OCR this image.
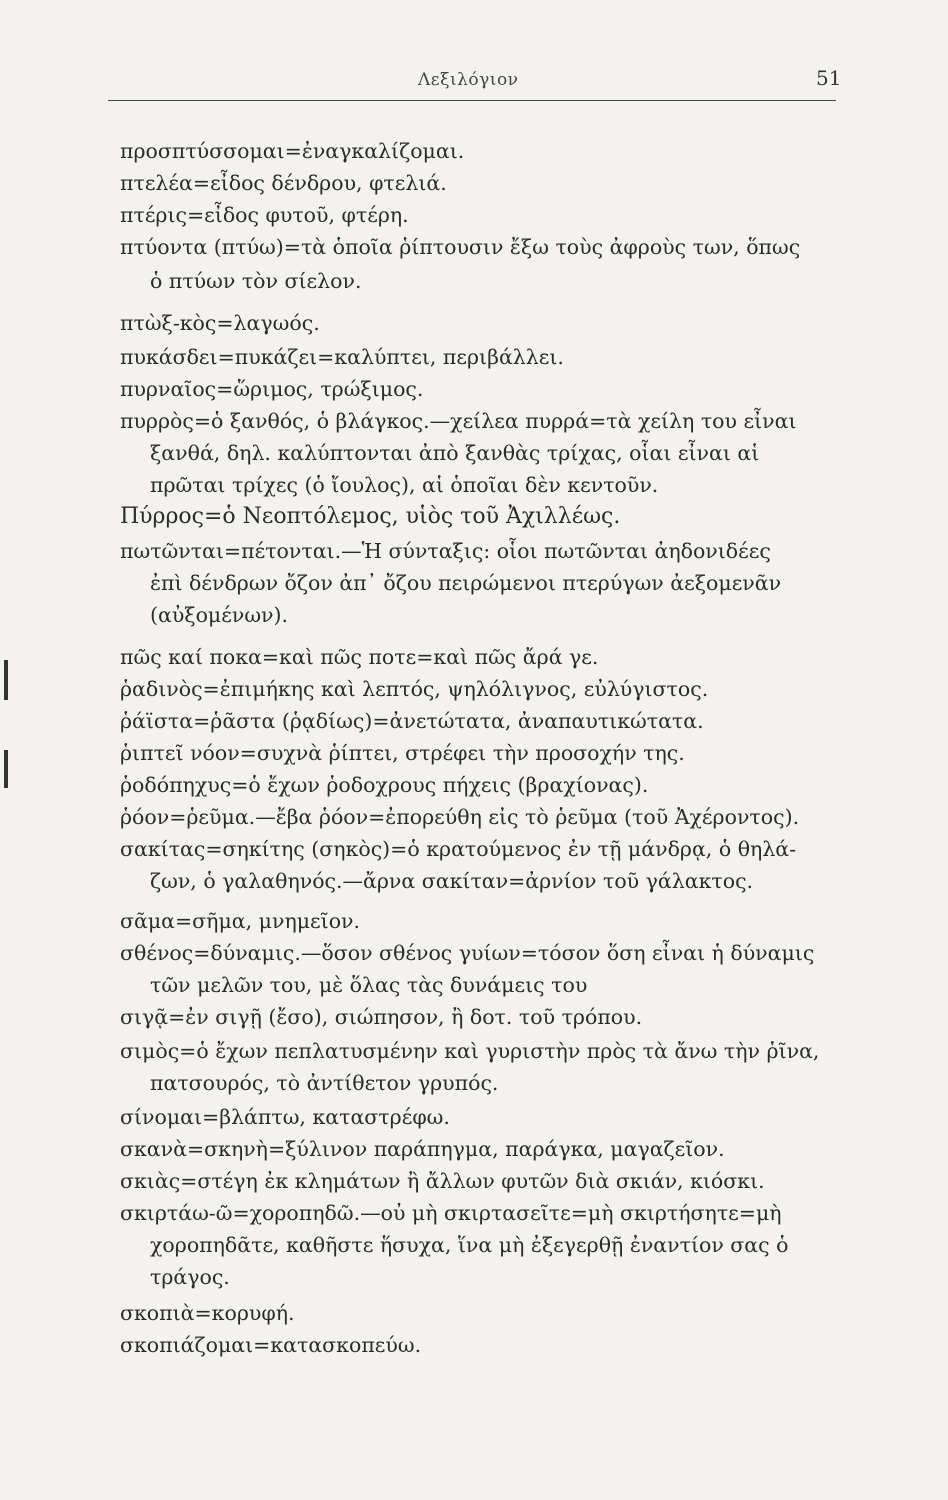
Λεξιλόγιον	51
προσπτύσσομαι=ἐναγκαλίζομαι.
πτελέα=εἶδος δένδρου, φτελιά.
πτέρις=εἶδος φυτοῦ, φτέρη.
πτύοντα (πτύω)=τὰ ὁποῖα ῥίπτουσιν ἔξω τοὺς ἀφροὺς των, ὅπως
ὁ πτύων τὸν σίελον.
πτὼξ-κὸς=λαγωός.
πυκάσδει=πυκάζει=καλύπτει, περιβάλλει.
πυρναῖος=ὥριμος, τρώξιμος.
πυρρὸς=ὁ ξανθός, ὁ βλάγκος.—χείλεα πυρρά=τὰ χείλη του εἶναι
ξανθά, δηλ. καλύπτονται ἀπὸ ξανθὰς τρίχας, οἷαι εἶναι αἱ
πρῶται τρίχες (ὁ ἴουλος), αἱ ὁποῖαι δὲν κεντοῦν.
Πύρρος=ὁ Νεοπτόλεμος, υἱὸς τοῦ Ἀχιλλέως.
πωτῶνται=πέτονται.—Ἡ σύνταξις: οἷοι πωτῶνται ἀηδονιδέες
ἐπὶ δένδρων ὄζον ἀπ᾽ ὄζου πειρώμενοι πτερύγων ἀεξομενᾶν
(αὐξομένων).
πῶς καί ποκα=καὶ πῶς ποτε=καὶ πῶς ἄρά γε.
ῥαδινὸς=ἐπιμήκης καὶ λεπτός, ψηλόλιγνος, εὐλύγιστος.
ῥάϊστα=ῥᾶστα (ῥᾳδίως)=ἀνετώτατα, ἀναπαυτικώτατα.
ῥιπτεῖ νόον=συχνὰ ῥίπτει, στρέφει τὴν προσοχήν της.
ῥοδόπηχυς=ὁ ἔχων ῥοδοχρους πήχεις (βραχίονας).
ῥόον=ῥεῦμα.—ἔβα ῥόον=ἐπορεύθη εἰς τὸ ῥεῦμα (τοῦ Ἀχέροντος).
σακίτας=σηκίτης (σηκὸς)=ὁ κρατούμενος ἐν τῇ μάνδρᾳ, ὁ θηλά-
ζων, ὁ γαλαθηνός.—ἄρνα σακίταν=ἀρνίον τοῦ γάλακτος.
σᾶμα=σῆμα, μνημεῖον.
σθένος=δύναμις.—ὅσον σθένος γυίων=τόσον ὅση εἶναι ἡ δύναμις
τῶν μελῶν του, μὲ ὅλας τὰς δυνάμεις του
σιγᾷ=ἐν σιγῇ (ἔσο), σιώπησον, ἢ δοτ. τοῦ τρόπου.
σιμὸς=ὁ ἔχων πεπλατυσμένην καὶ γυριστὴν πρὸς τὰ ἄνω τὴν ῥῖνα,
πατσουρός, τὸ ἀντίθετον γρυπός.
σίνομαι=βλάπτω, καταστρέφω.
σκανὰ=σκηνὴ=ξύλινον παράπηγμα, παράγκα, μαγαζεῖον.
σκιὰς=στέγη ἐκ κλημάτων ἢ ἄλλων φυτῶν διὰ σκιάν, κιόσκι.
σκιρτάω-ῶ=χοροπηδῶ.—οὐ μὴ σκιρτασεῖτε=μὴ σκιρτήσητε=μὴ
χοροπηδᾶτε, καθῆστε ἥσυχα, ἵνα μὴ ἐξεγερθῇ ἐναντίον σας ὁ
τράγος.
σκοπιὰ=κορυφή.
σκοπιάζομαι=κατασκοπεύω.
